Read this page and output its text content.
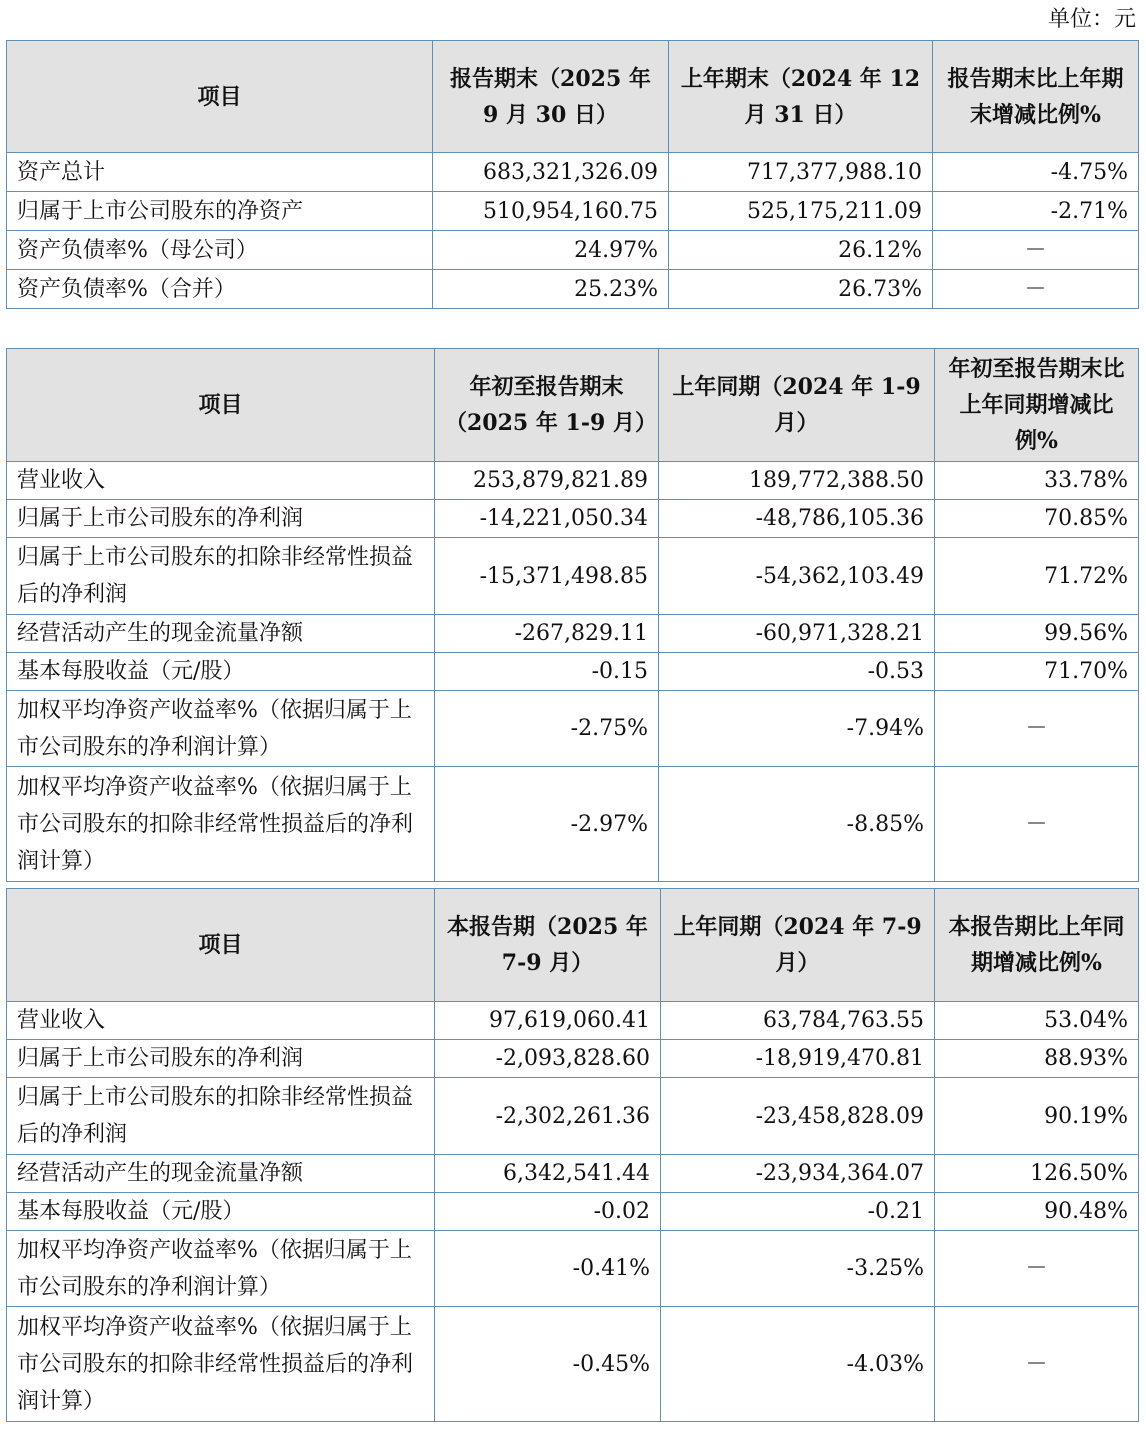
单位：元
项目	报告期末（2025 年 9 月 30 日）	上年期末（2024 年 12 月 31 日）	报告期末比上年期末增减比例%
资产总计	683,321,326.09	717,377,988.10	-4.75%
归属于上市公司股东的净资产	510,954,160.75	525,175,211.09	-2.71%
资产负债率%（母公司）	24.97%	26.12%	－
资产负债率%（合并）	25.23%	26.73%	－
项目	年初至报告期末（2025 年 1-9 月）	上年同期（2024 年 1-9 月）	年初至报告期末比上年同期增减比例%
营业收入	253,879,821.89	189,772,388.50	33.78%
归属于上市公司股东的净利润	-14,221,050.34	-48,786,105.36	70.85%
归属于上市公司股东的扣除非经常性损益后的净利润	-15,371,498.85	-54,362,103.49	71.72%
经营活动产生的现金流量净额	-267,829.11	-60,971,328.21	99.56%
基本每股收益（元/股）	-0.15	-0.53	71.70%
加权平均净资产收益率%（依据归属于上市公司股东的净利润计算）	-2.75%	-7.94%	－
加权平均净资产收益率%（依据归属于上市公司股东的扣除非经常性损益后的净利润计算）	-2.97%	-8.85%	－
项目	本报告期（2025 年 7-9 月）	上年同期（2024 年 7-9 月）	本报告期比上年同期增减比例%
营业收入	97,619,060.41	63,784,763.55	53.04%
归属于上市公司股东的净利润	-2,093,828.60	-18,919,470.81	88.93%
归属于上市公司股东的扣除非经常性损益后的净利润	-2,302,261.36	-23,458,828.09	90.19%
经营活动产生的现金流量净额	6,342,541.44	-23,934,364.07	126.50%
基本每股收益（元/股）	-0.02	-0.21	90.48%
加权平均净资产收益率%（依据归属于上市公司股东的净利润计算）	-0.41%	-3.25%	－
加权平均净资产收益率%（依据归属于上市公司股东的扣除非经常性损益后的净利润计算）	-0.45%	-4.03%	－
